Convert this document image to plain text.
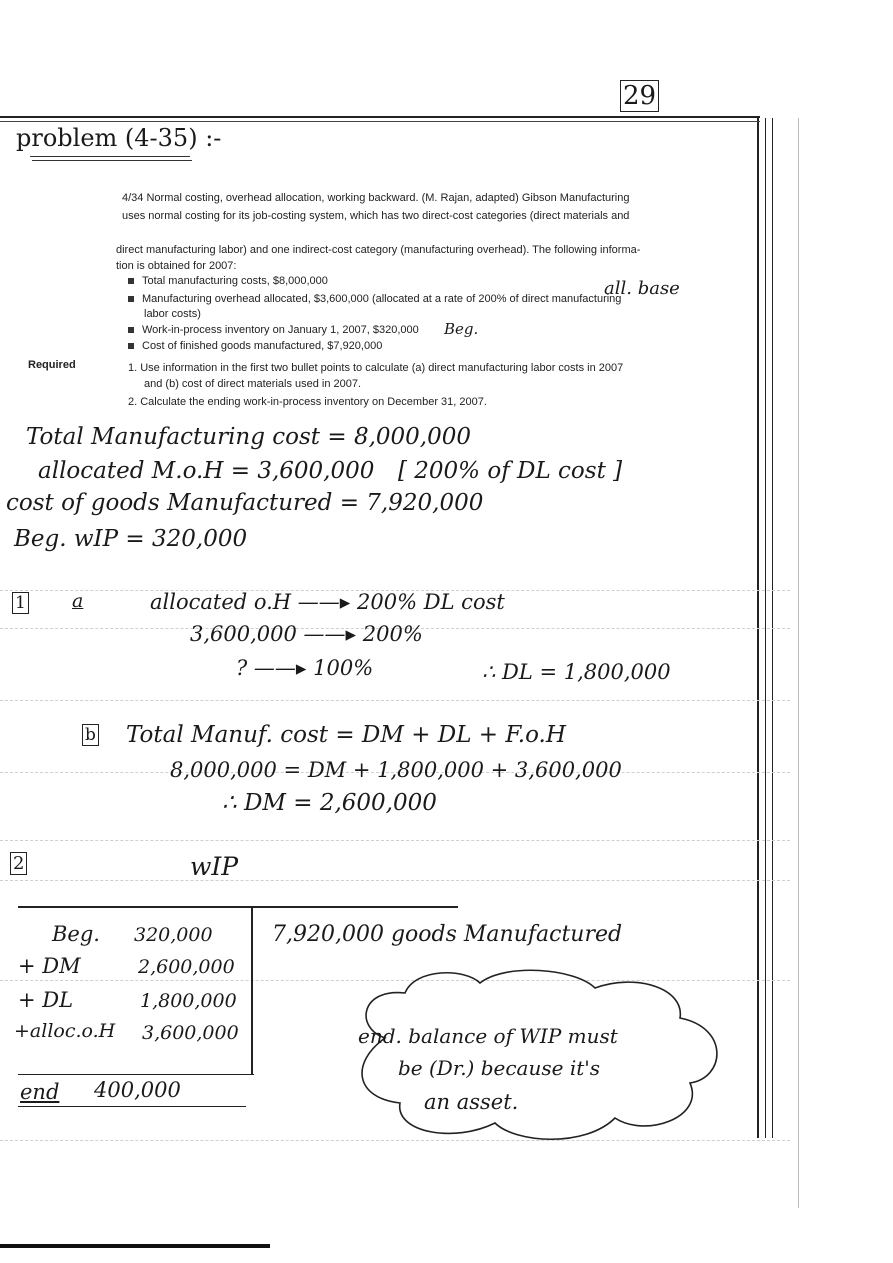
29
problem (4-35) :-
4/34 Normal costing, overhead allocation, working backward. (M. Rajan, adapted) Gibson Manufacturing
uses normal costing for its job-costing system, which has two direct-cost categories (direct materials and
direct manufacturing labor) and one indirect-cost category (manufacturing overhead). The following informa-
tion is obtained for 2007:
Total manufacturing costs, $8,000,000
Manufacturing overhead allocated, $3,600,000 (allocated at a rate of 200% of direct manufacturing
labor costs)
Work-in-process inventory on January 1, 2007, $320,000
Cost of finished goods manufactured, $7,920,000
Required	1. Use information in the first two bullet points to calculate (a) direct manufacturing labor costs in 2007
and (b) cost of direct materials used in 2007.
2. Calculate the ending work-in-process inventory on December 31, 2007.
all. base
Beg.
Total Manufacturing cost = 8,000,000
allocated M.o.H = 3,600,000 [ 200% of DL cost ]
cost of goods Manufactured = 7,920,000
Beg. wIP = 320,000
1 a	allocated o.H ——▸ 200% DL cost
3,600,000 ——▸ 200%
? ——▸ 100%	∴ DL = 1,800,000
b Total Manuf. cost = DM + DL + F.o.H
8,000,000 = DM + 1,800,000 + 3,600,000
∴ DM = 2,600,000
2	wIP
Beg. 320,000
+ DM	2,600,000
+ DL	1,800,000
+alloc.o.H 3,600,000
7,920,000 goods Manufactured
end 400,000
end. balance of WIP must
be (Dr.) because it's
an asset.
